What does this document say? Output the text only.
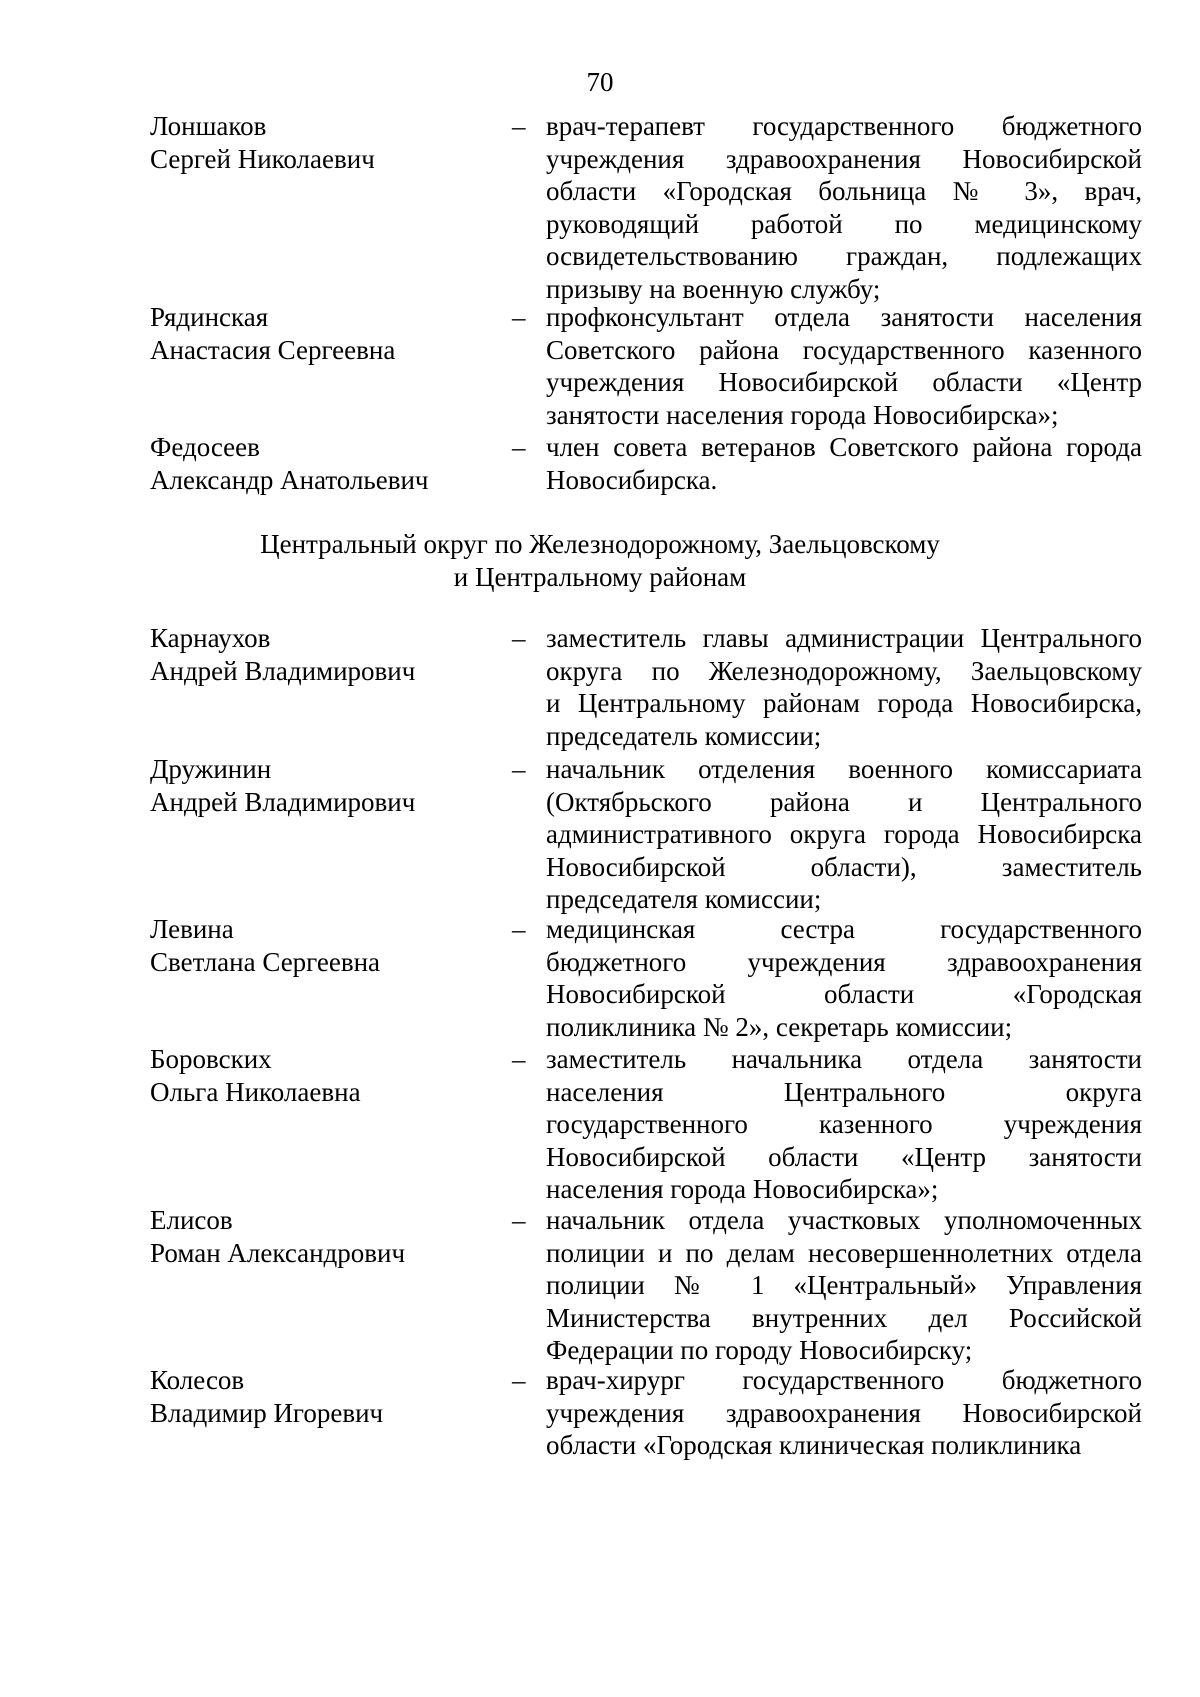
70
Лоншаков
Сергей Николаевич
– врач-терапевт государственного бюджетного
учреждения здравоохранения Новосибирской
области «Городская больница № 3», врач,
руководящий работой по медицинскому
освидетельствованию граждан, подлежащих
призыву на военную службу;
Рядинская
Анастасия Сергеевна
– профконсультант отдела занятости населения
Советского района государственного казенного
учреждения Новосибирской области «Центр
занятости населения города Новосибирска»;
Федосеев
Александр Анатольевич
– член совета ветеранов Советского района города
Новосибирска.
Центральный округ по Железнодорожному, Заельцовскому
и Центральному районам
Карнаухов
Андрей Владимирович
– заместитель главы администрации Центрального
округа по Железнодорожному, Заельцовскому
и Центральному районам города Новосибирска,
председатель комиссии;
Дружинин
Андрей Владимирович
– начальник отделения военного комиссариата
(Октябрьского района и Центрального
административного округа города Новосибирска
Новосибирской области), заместитель
председателя комиссии;
Левина
Светлана Сергеевна
– медицинская сестра государственного
бюджетного учреждения здравоохранения
Новосибирской области «Городская
поликлиника № 2», секретарь комиссии;
Боровских
Ольга Николаевна
– заместитель начальника отдела занятости
населения Центрального округа
государственного казенного учреждения
Новосибирской области «Центр занятости
населения города Новосибирска»;
Елисов
Роман Александрович
– начальник отдела участковых уполномоченных
полиции и по делам несовершеннолетних отдела
полиции № 1 «Центральный» Управления
Министерства внутренних дел Российской
Федерации по городу Новосибирску;
Колесов
Владимир Игоревич
– врач-хирург государственного бюджетного
учреждения здравоохранения Новосибирской
области «Городская клиническая поликлиника
